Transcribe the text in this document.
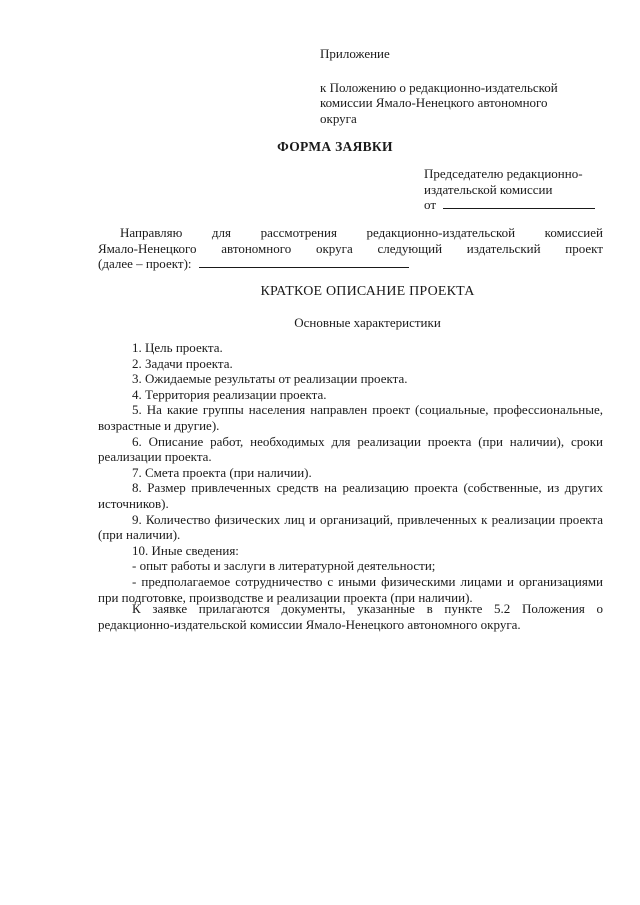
Приложение
к Положению о редакционно-издательской
комиссии Ямало-Ненецкого автономного
округа
ФОРМА ЗАЯВКИ
Председателю редакционно-
издательской комиссии
от
Направляю для рассмотрения редакционно-издательской комиссией
Ямало-Ненецкого автономного округа следующий издательский проект
(далее – проект):
КРАТКОЕ ОПИСАНИЕ ПРОЕКТА
Основные характеристики

1. Цель проекта.

2. Задачи проекта.

3. Ожидаемые результаты от реализации проекта.

4. Территория реализации проекта.

5. На какие группы населения направлен проект (социальные, профессиональные, возрастные и другие).

6. Описание работ, необходимых для реализации проекта (при наличии), сроки реализации проекта.

7. Смета проекта (при наличии).

8. Размер привлеченных средств на реализацию проекта (собственные, из других источников).

9. Количество физических лиц и организаций, привлеченных к реализации проекта (при наличии).

10. Иные сведения:

- опыт работы и заслуги в литературной деятельности;

- предполагаемое сотрудничество с иными физическими лицами и организациями при подготовке, производстве и реализации проекта (при наличии).

К заявке прилагаются документы, указанные в пункте 5.2 Положения о редакционно-издательской комиссии Ямало-Ненецкого автономного округа.
